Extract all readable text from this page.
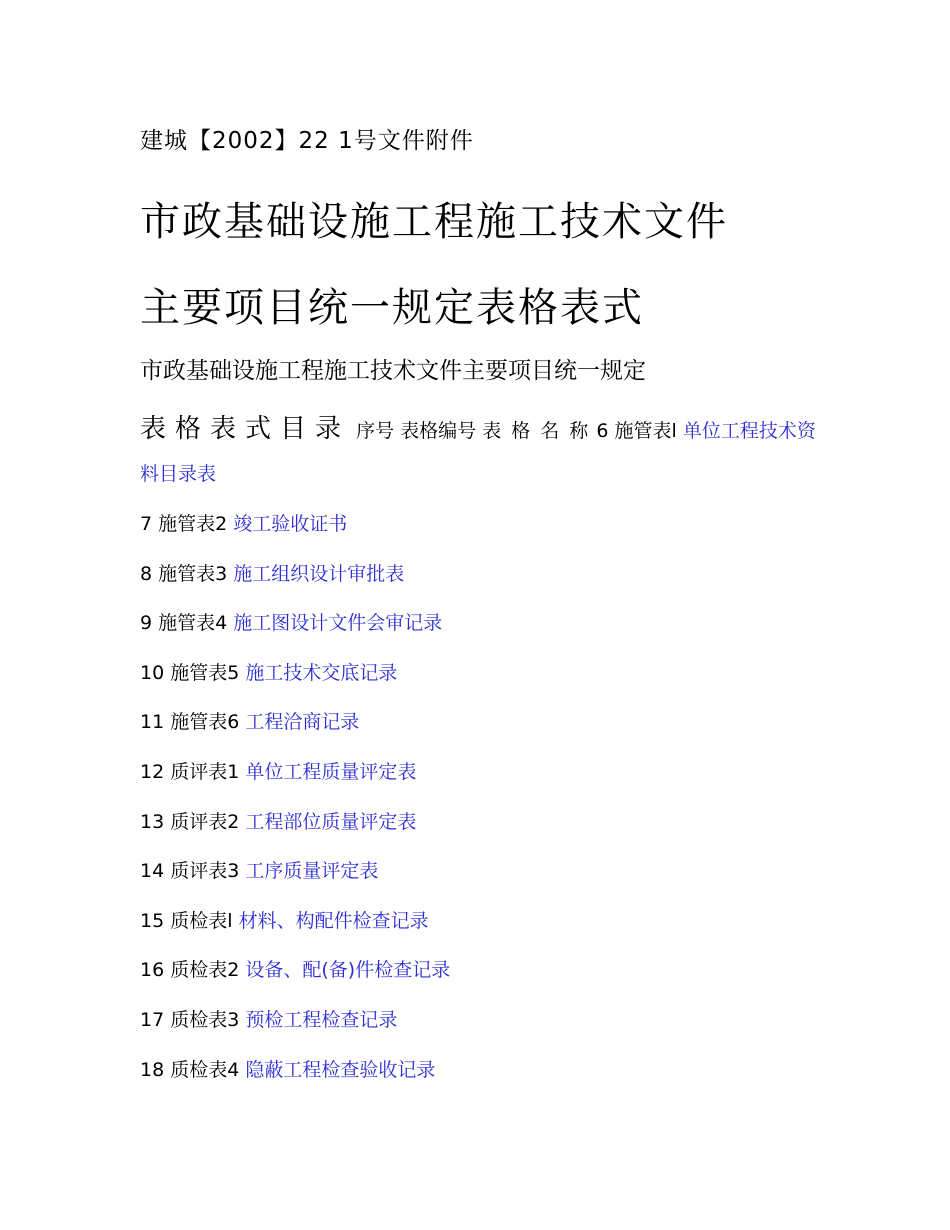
建城【2002】22 1号文件附件
市政基础设施工程施工技术文件
主要项目统一规定表格表式
市政基础设施工程施工技术文件主要项目统一规定
表格表式目录 序号 表格编号 表 格 名 称 6 施管表l 单位工程技术资料目录表
7 施管表2 竣工验收证书
8 施管表3 施工组织设计审批表
9 施管表4 施工图设计文件会审记录
10 施管表5 施工技术交底记录
11 施管表6 工程洽商记录
12 质评表1 单位工程质量评定表
13 质评表2 工程部位质量评定表
14 质评表3 工序质量评定表
15 质检表l 材料、构配件检查记录
16 质检表2 设备、配(备)件检查记录
17 质检表3 预检工程检查记录
18 质检表4 隐蔽工程检查验收记录
